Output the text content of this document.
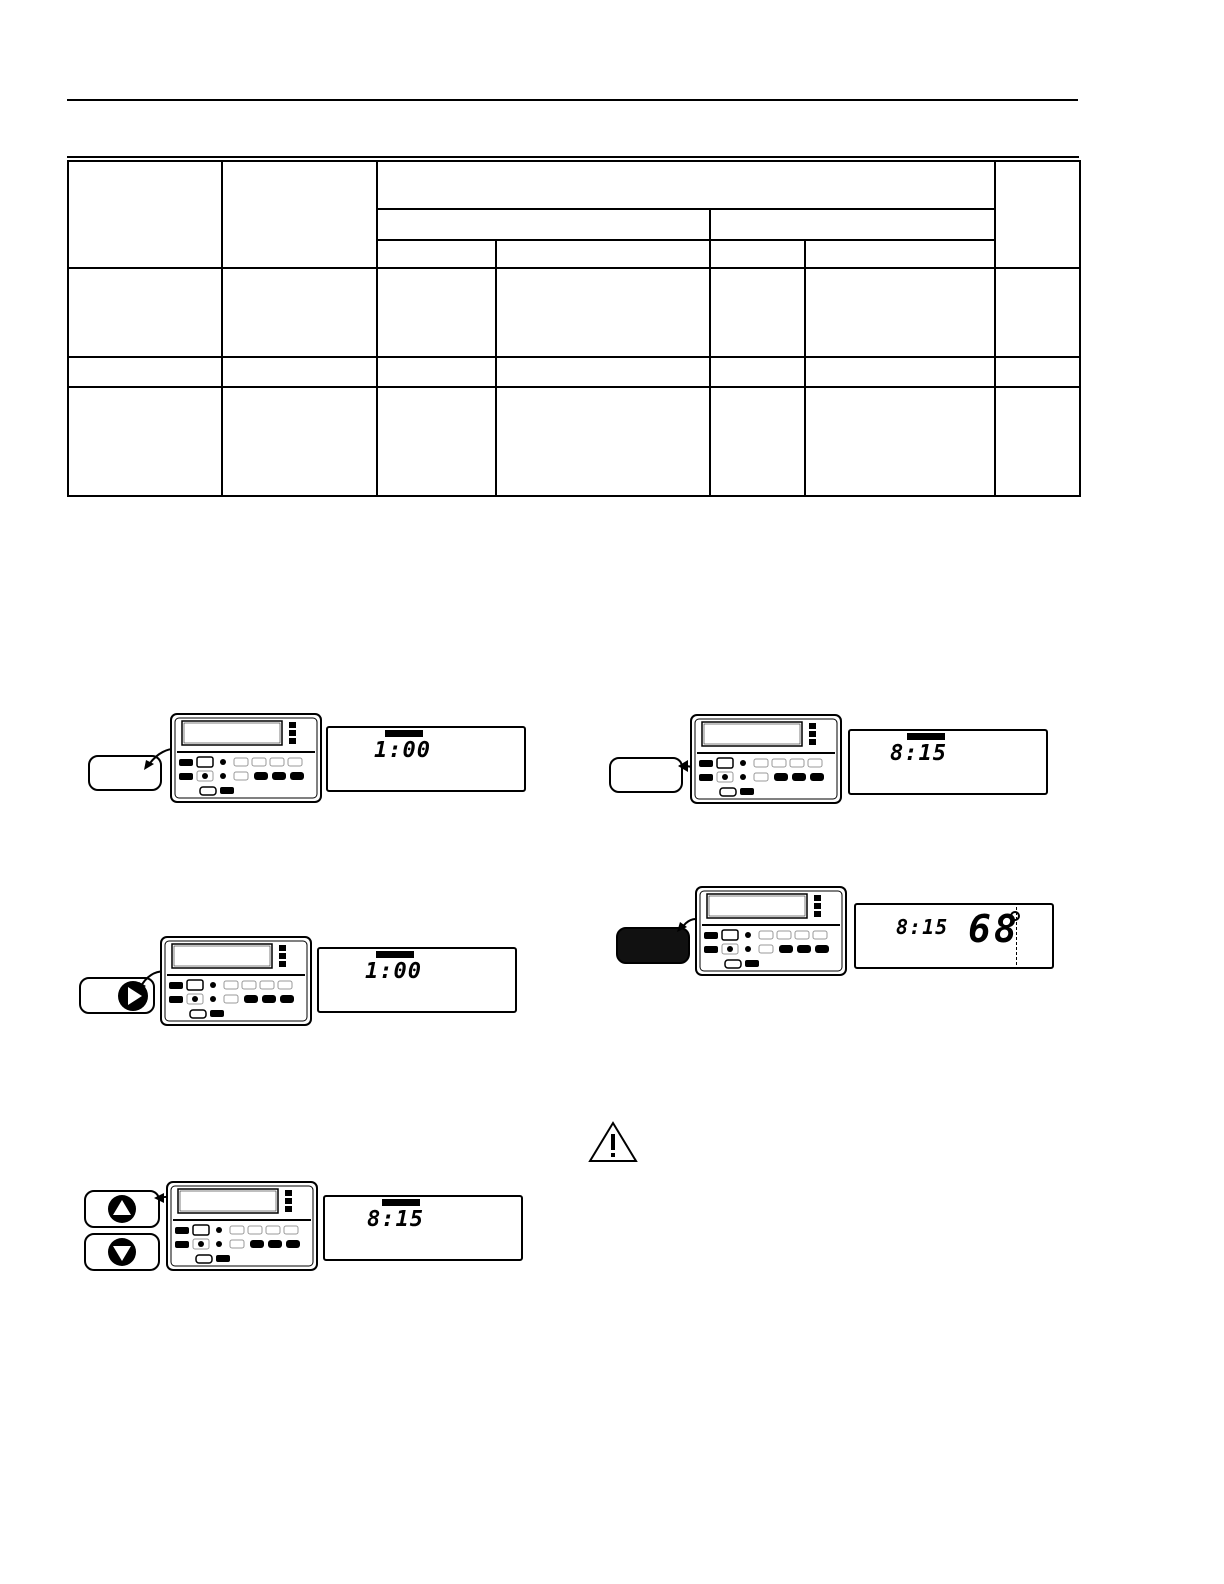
1:00
1:00
8:15
8:15
8:15 68
